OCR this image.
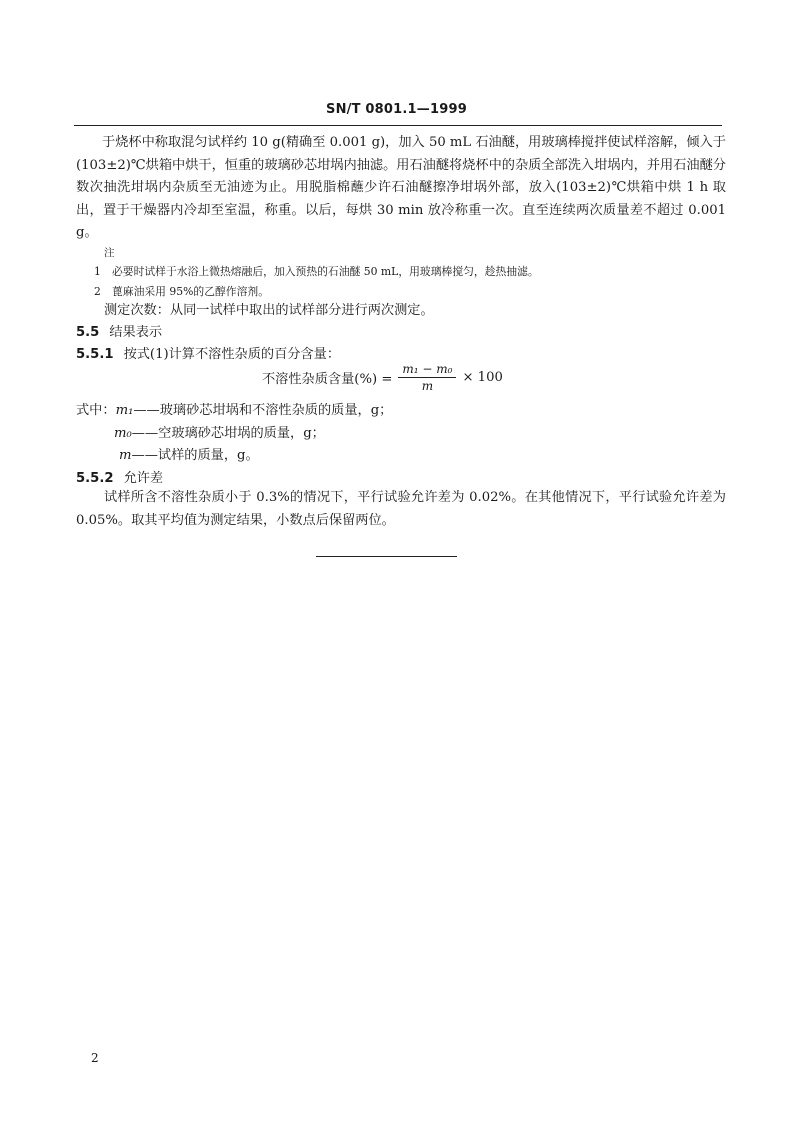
SN/T 0801.1—1999

于烧杯中称取混匀试样约 10 g(精确至 0.001 g)，加入 50 mL 石油醚，用玻璃棒搅拌使试样溶解，倾入于(103±2)℃烘箱中烘干，恒重的玻璃砂芯坩埚内抽滤。用石油醚将烧杯中的杂质全部洗入坩埚内，并用石油醚分数次抽洗坩埚内杂质至无油迹为止。用脱脂棉蘸少许石油醚擦净坩埚外部，放入(103±2)℃烘箱中烘 1 h 取出，置于干燥器内冷却至室温，称重。以后，每烘 30 min 放冷称重一次。直至连续两次质量差不超过 0.001 g。

注
1 必要时试样于水浴上微热熔融后，加入预热的石油醚 50 mL，用玻璃棒搅匀，趁热抽滤。
2 蓖麻油采用 95%的乙醇作溶剂。
测定次数：从同一试样中取出的试样部分进行两次测定。
5.5 结果表示
5.5.1 按式(1)计算不溶性杂质的百分含量：
不溶性杂质含量(%) = $\frac{\text{m₁ − m₀}}{m} \times 100$
式中：m₁——玻璃砂芯坩埚和不溶性杂质的质量，g；
m₀——空玻璃砂芯坩埚的质量，g；
m——试样的质量，g。
5.5.2 允许差

试样所含不溶性杂质小于 0.3%的情况下，平行试验允许差为 0.02%。在其他情况下，平行试验允许差为 0.05%。取其平均值为测定结果，小数点后保留两位。

2
